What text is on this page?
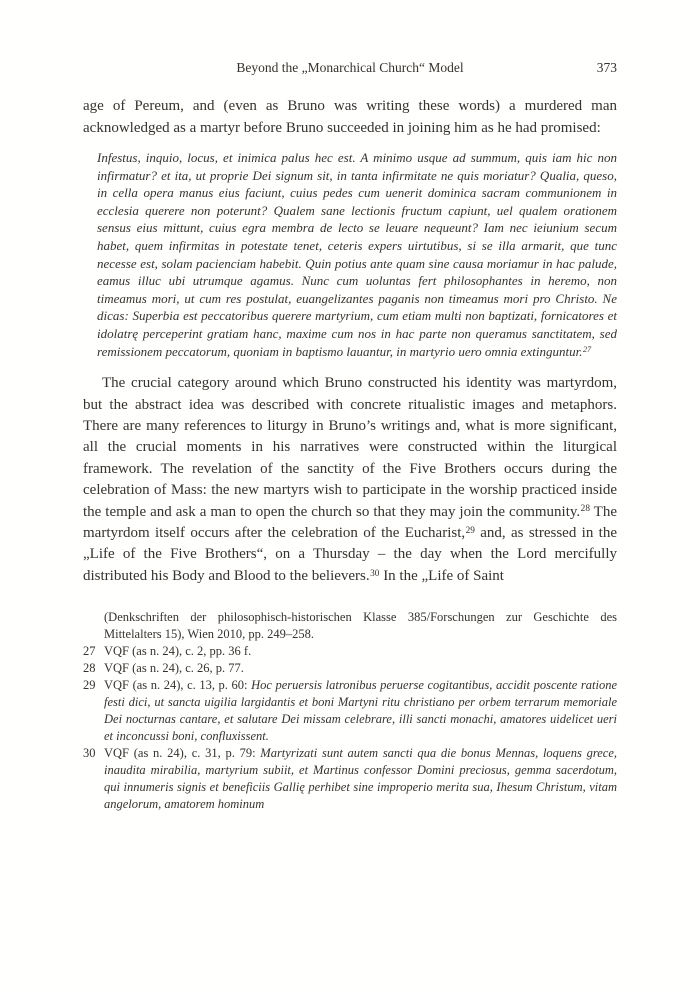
Beyond the „Monarchical Church“ Model	373

age of Pereum, and (even as Bruno was writing these words) a murdered man acknowledged as a martyr before Bruno succeeded in joining him as he had promised:

Infestus, inquio, locus, et inimica palus hec est. A minimo usque ad summum, quis iam hic non infirmatur? et ita, ut proprie Dei signum sit, in tanta infirmitate ne quis moriatur? Qualia, queso, in cella opera manus eius faciunt, cuius pedes cum uenerit dominica sacram communionem in ecclesia querere non poterunt? Qualem sane lectionis fructum capiunt, uel qualem orationem sensus eius mittunt, cuius egra membra de lecto se leuare nequeunt? Iam nec ieiunium secum habet, quem infirmitas in potestate tenet, ceteris expers uirtutibus, si se illa armarit, que tunc necesse est, solam pacienciam habebit. Quin potius ante quam sine causa moriamur in hac palude, eamus illuc ubi utrumque agamus. Nunc cum uoluntas fert philosophantes in heremo, non timeamus mori, ut cum res postulat, euangelizantes paganis non timeamus mori pro Christo. Ne dicas: Superbia est peccatoribus querere martyrium, cum etiam multi non baptizati, fornicatores et idolatrę perceperint gratiam hanc, maxime cum nos in hac parte non queramus sanctitatem, sed remissionem peccatorum, quoniam in baptismo lauantur, in martyrio uero omnia extinguntur.$^{27}$

The crucial category around which Bruno constructed his identity was martyrdom, but the abstract idea was described with concrete ritualistic images and metaphors. There are many references to liturgy in Bruno’s writings and, what is more significant, all the crucial moments in his narratives were constructed within the liturgical framework. The revelation of the sanctity of the Five Brothers occurs during the celebration of Mass: the new martyrs wish to participate in the worship practiced inside the temple and ask a man to open the church so that they may join the community.$^{28}$ The martyrdom itself occurs after the celebration of the Eucharist,$^{29}$ and, as stressed in the „Life of the Five Brothers“, on a Thursday – the day when the Lord mercifully distributed his Body and Blood to the believers.$^{30}$ In the „Life of Saint

(Denkschriften der philosophisch-historischen Klasse 385/Forschungen zur Geschichte des Mittelalters 15), Wien 2010, pp. 249–258.
27 VQF (as n. 24), c. 2, pp. 36 f.
28 VQF (as n. 24), c. 26, p. 77.
29 VQF (as n. 24), c. 13, p. 60: Hoc peruersis latronibus peruerse cogitantibus, accidit poscente ratione festi dici, ut sancta uigilia largidantis et boni Martyni ritu christiano per orbem terrarum memoriale Dei nocturnas cantare, et salutare Dei missam celebrare, illi sancti monachi, amatores uidelicet ueri et inconcussi boni, confluxissent.
30 VQF (as n. 24), c. 31, p. 79: Martyrizati sunt autem sancti qua die bonus Mennas, loquens grece, inaudita mirabilia, martyrium subiit, et Martinus confessor Domini preciosus, gemma sacerdotum, qui innumeris signis et beneficiis Gallię perhibet sine improperio merita sua, Ihesum Christum, vitam angelorum, amatorem hominum
